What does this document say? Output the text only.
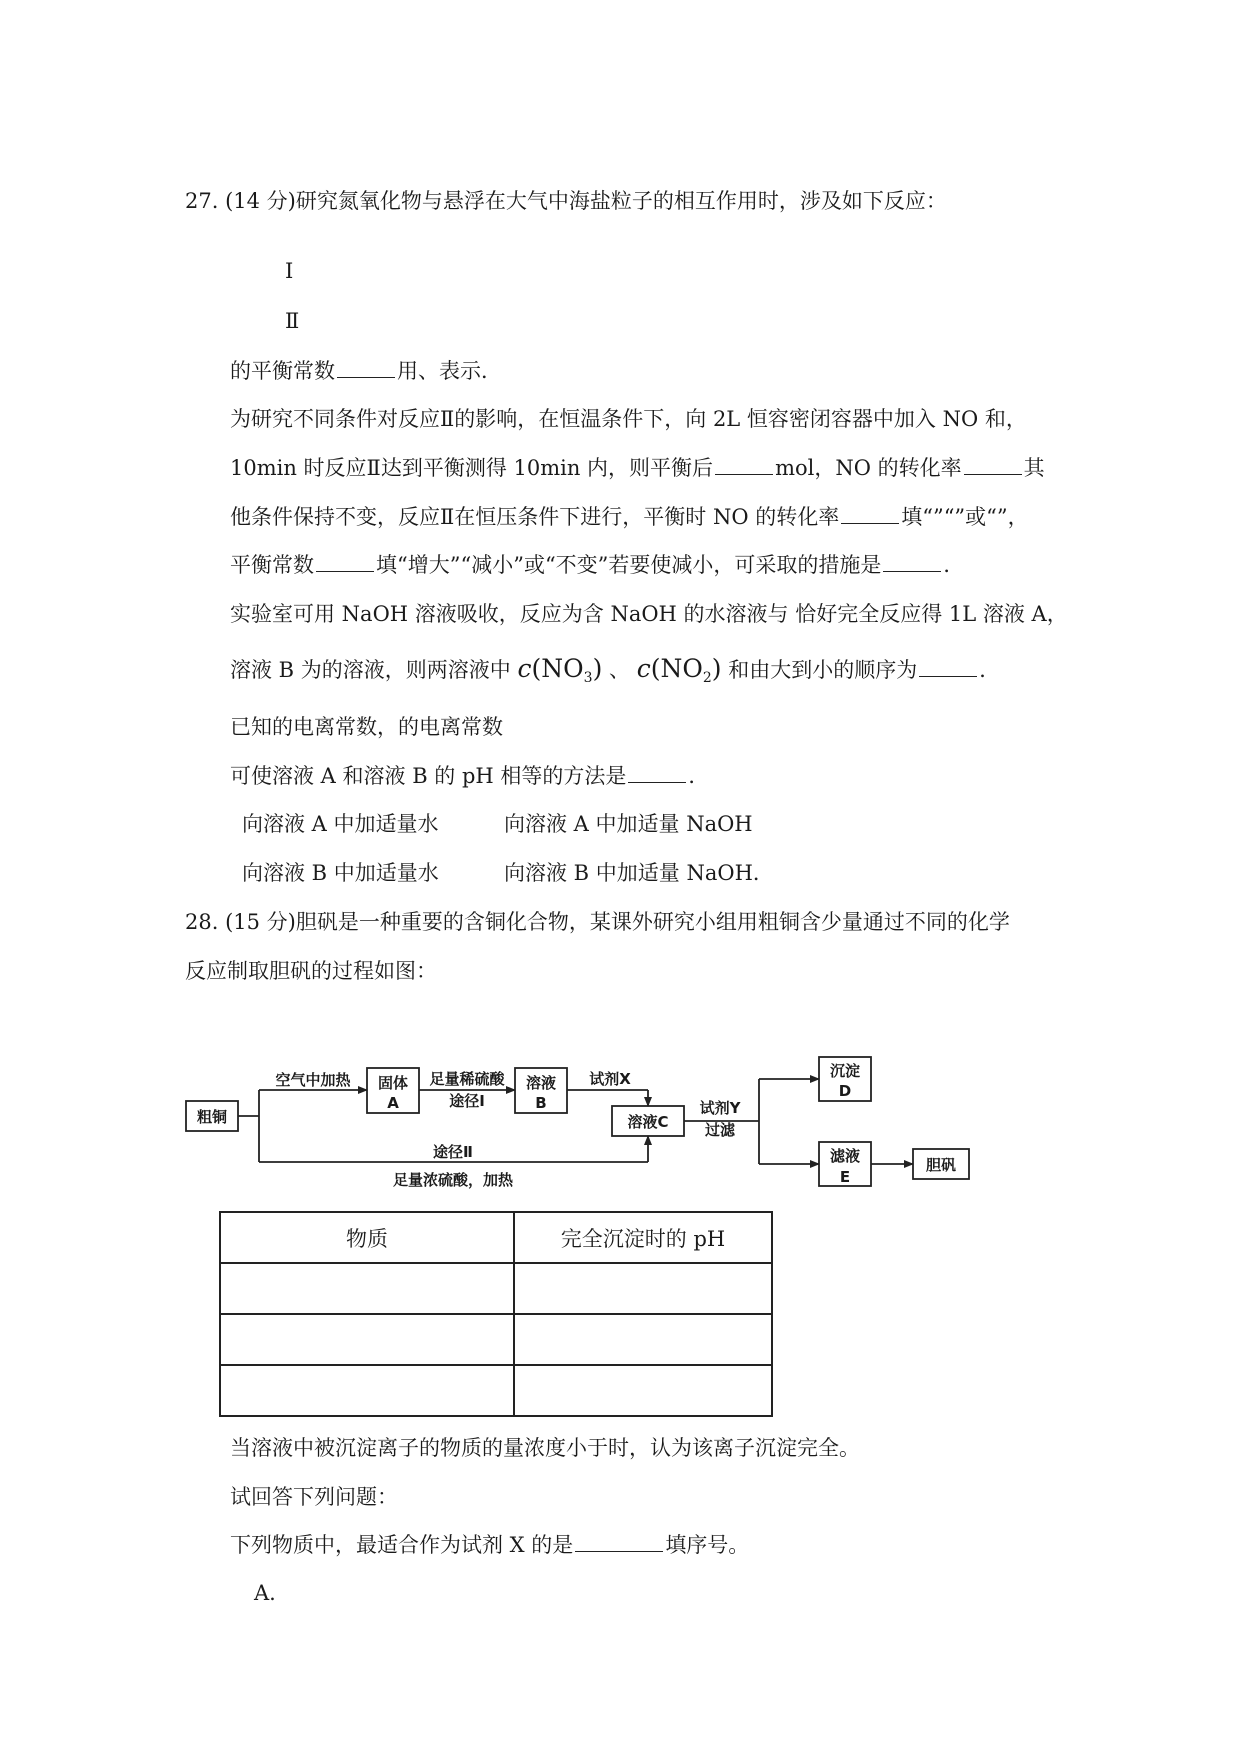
27. (14 分)研究氮氧化物与悬浮在大气中海盐粒子的相互作用时，涉及如下反应：
Ⅰ
Ⅱ
的平衡常数	用、表示．
为研究不同条件对反应Ⅱ的影响，在恒温条件下，向 2L 恒容密闭容器中加入 NO 和，
10min 时反应Ⅱ达到平衡测得 10min 内，则平衡后	mol，NO 的转化率	其
他条件保持不变，反应Ⅱ在恒压条件下进行，平衡时 NO 的转化率	填“”“”或“”，
平衡常数	填“增大”“减小”或“不变”若要使减小，可采取的措施是	．
实验室可用 NaOH 溶液吸收，反应为含 NaOH 的水溶液与 恰好完全反应得 1L 溶液 A，
溶液 B 为的溶液，则两溶液中 $c(NO_3)$ 、 $c(NO_2)$ 和由大到小的顺序为	．
已知的电离常数，的电离常数
可使溶液 A 和溶液 B 的 pH 相等的方法是	．
向溶液 A 中加适量水	向溶液 A 中加适量 NaOH
向溶液 B 中加适量水	向溶液 B 中加适量 NaOH．
28. (15 分)胆矾是一种重要的含铜化合物，某课外研究小组用粗铜含少量通过不同的化学
反应制取胆矾的过程如图：
粗铜
空气中加热 固体
A
足量稀硫酸
途径Ⅰ
溶液
B
试剂X
溶液C
试剂Y
过滤
沉淀
D
滤液
E
胆矾
途径Ⅱ
足量浓硫酸，加热
物质	完全沉淀时的 pH

当溶液中被沉淀离子的物质的量浓度小于时，认为该离子沉淀完全。
试回答下列问题：
下列物质中，最适合作为试剂 X 的是	填序号。
A.
